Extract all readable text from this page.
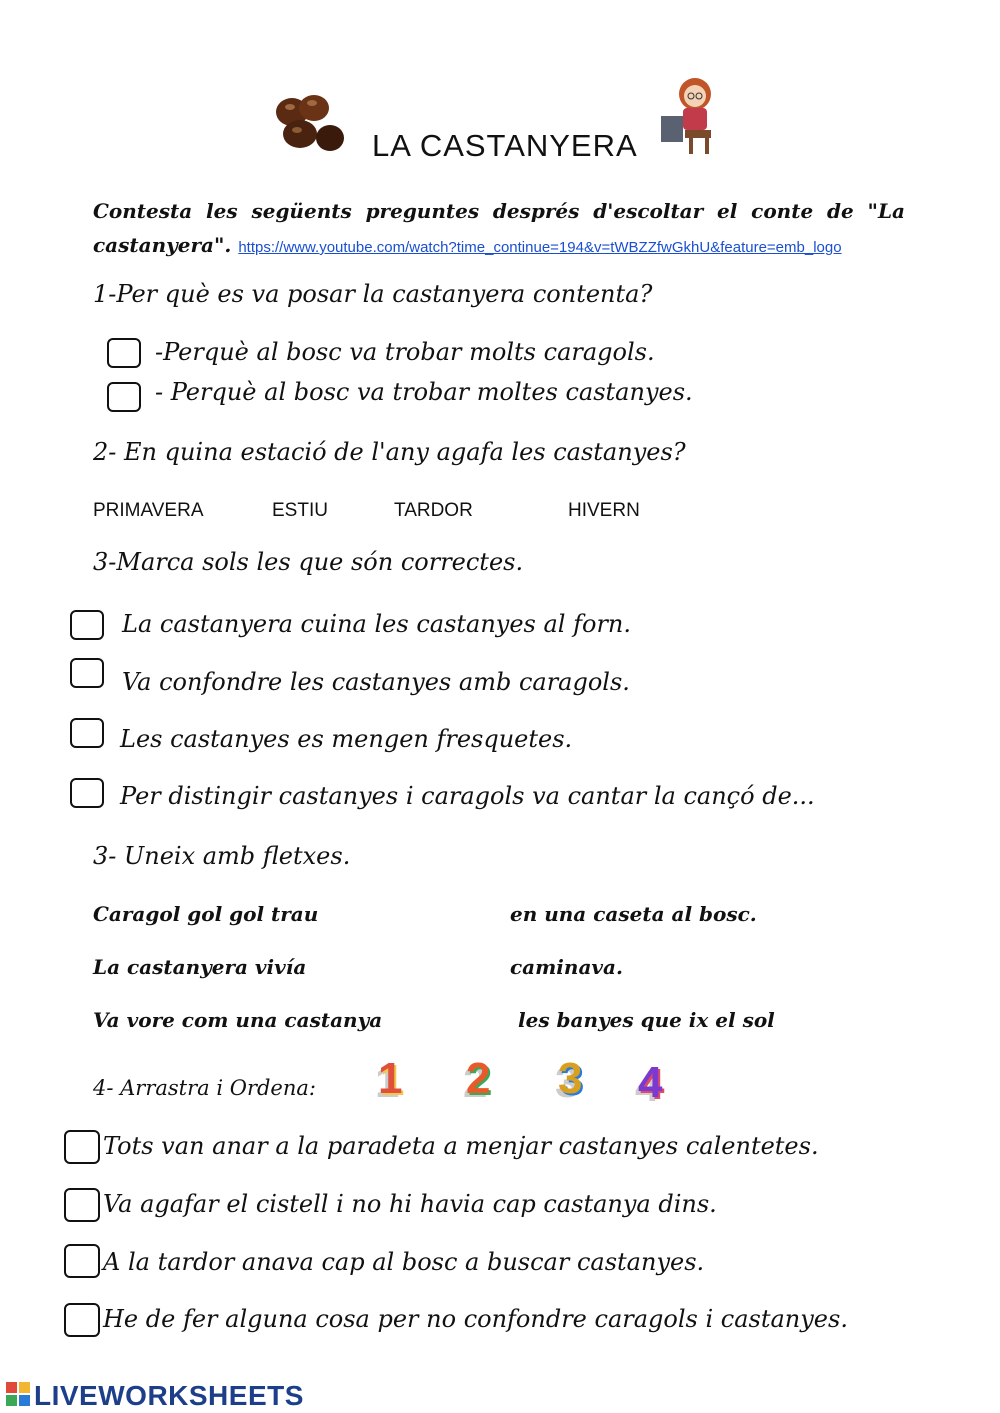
LA CASTANYERA
Contesta les següents preguntes després d'escoltar el conte de "La castanyera". https://www.youtube.com/watch?time_continue=194&v=tWBZZfwGkhU&feature=emb_logo
1-Per què es va posar la castanyera contenta?
-Perquè al bosc va trobar molts caragols.
- Perquè al bosc va trobar moltes castanyes.
2- En quina estació de l'any agafa les castanyes?
PRIMAVERA	ESTIU	TARDOR	HIVERN
3-Marca sols les que són correctes.
La castanyera cuina les castanyes al forn.
Va confondre les castanyes amb caragols.
Les castanyes es mengen fresquetes.
Per distingir castanyes i caragols va cantar la cançó de...
3- Uneix amb fletxes.
Caragol gol gol trau	en una caseta al bosc.
La castanyera vivía	caminava.
Va vore com una castanya	les banyes que ix el sol
4- Arrastra i Ordena: 1 2 3 4
Tots van anar a la paradeta a menjar castanyes calentetes.
Va agafar el cistell i no hi havia cap castanya dins.
A la tardor anava cap al bosc a buscar castanyes.
He de fer alguna cosa per no confondre caragols i castanyes.
LIVEWORKSHEETS
